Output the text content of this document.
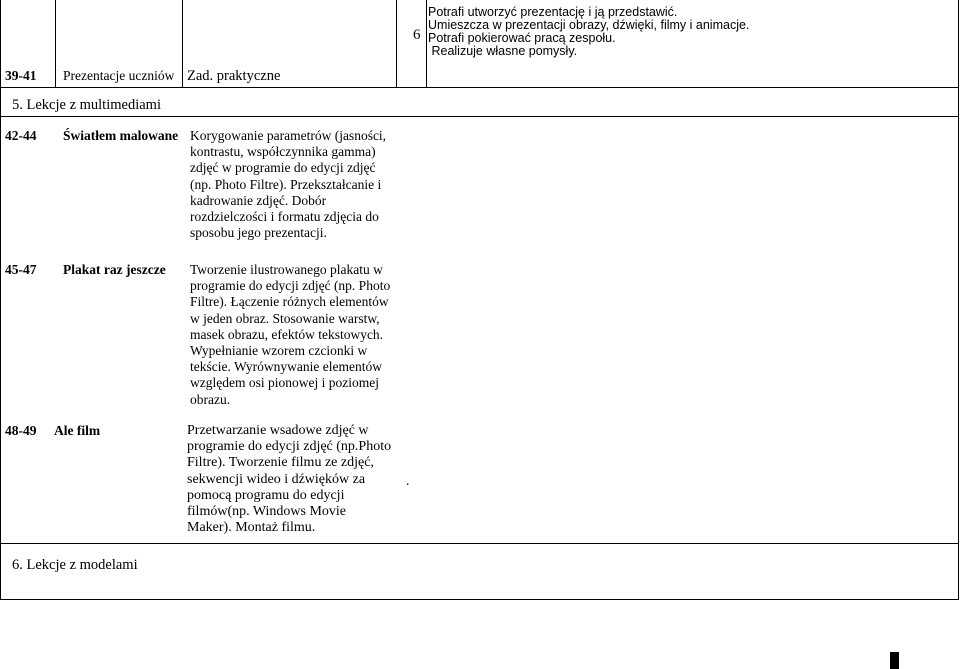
6
Potrafi utworzyć prezentację i ją przedstawić.
Umieszcza w prezentacji obrazy, dźwięki, filmy i animacje.
Potrafi pokierować pracą zespołu.
Realizuje własne pomysły.
39-41 Prezentacje uczniów Zad. praktyczne
5. Lekcje z multimediami
42-44 Światłem malowane Korygowanie parametrów (jasności,
kontrastu, współczynnika gamma)
zdjęć w programie do edycji zdjęć
(np. Photo Filtre). Przekształcanie i
kadrowanie zdjęć. Dobór
rozdzielczości i formatu zdjęcia do
sposobu jego prezentacji.
45-47 Plakat raz jeszcze Tworzenie ilustrowanego plakatu w
programie do edycji zdjęć (np. Photo
Filtre). Łączenie różnych elementów
w jeden obraz. Stosowanie warstw,
masek obrazu, efektów tekstowych.
Wypełnianie wzorem czcionki w
tekście. Wyrównywanie elementów
względem osi pionowej i poziomej
obrazu.
48-49 Ale film	Przetwarzanie wsadowe zdjęć w
programie do edycji zdjęć (np.Photo
Filtre). Tworzenie filmu ze zdjęć,
sekwencji wideo i dźwięków za
pomocą programu do edycji
filmów(np. Windows Movie
Maker). Montaż filmu.
.
6. Lekcje z modelami
